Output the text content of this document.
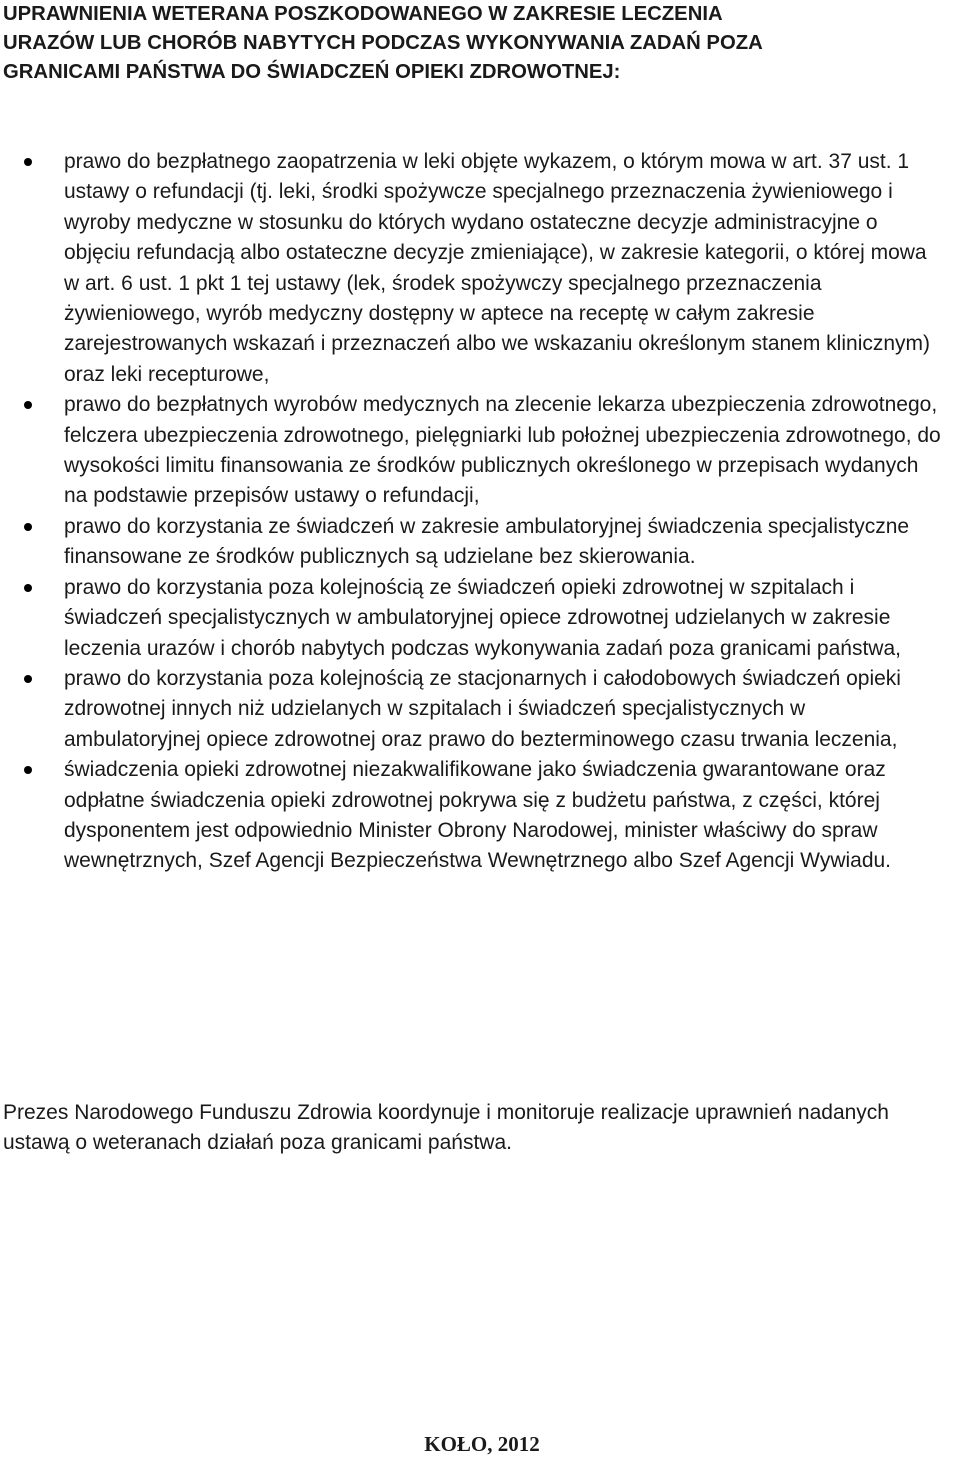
UPRAWNIENIA WETERANA POSZKODOWANEGO W ZAKRESIE LECZENIA
URAZÓW LUB CHORÓB NABYTYCH PODCZAS WYKONYWANIA ZADAŃ POZA
GRANICAMI PAŃSTWA DO ŚWIADCZEŃ OPIEKI ZDROWOTNEJ:
prawo do bezpłatnego zaopatrzenia w leki objęte wykazem, o którym mowa w art. 37 ust. 1 ustawy o refundacji (tj. leki, środki spożywcze specjalnego przeznaczenia żywieniowego i wyroby medyczne w stosunku do których wydano ostateczne decyzje administracyjne o objęciu refundacją albo ostateczne decyzje zmieniające), w zakresie kategorii, o której mowa w art. 6 ust. 1 pkt 1 tej ustawy (lek, środek spożywczy specjalnego przeznaczenia żywieniowego, wyrób medyczny dostępny w aptece na receptę w całym zakresie zarejestrowanych wskazań i przeznaczeń albo we wskazaniu określonym stanem klinicznym) oraz leki recepturowe,
prawo do bezpłatnych wyrobów medycznych na zlecenie lekarza ubezpieczenia zdrowotnego, felczera ubezpieczenia zdrowotnego, pielęgniarki lub położnej ubezpieczenia zdrowotnego, do wysokości limitu finansowania ze środków publicznych określonego w przepisach wydanych na podstawie przepisów ustawy o refundacji,
prawo do korzystania ze świadczeń w zakresie ambulatoryjnej świadczenia specjalistyczne finansowane ze środków publicznych są udzielane bez skierowania.
prawo do korzystania poza kolejnością ze świadczeń opieki zdrowotnej w szpitalach i świadczeń specjalistycznych w ambulatoryjnej opiece zdrowotnej udzielanych w zakresie leczenia urazów i chorób nabytych podczas wykonywania zadań poza granicami państwa,
prawo do korzystania poza kolejnością ze stacjonarnych i całodobowych świadczeń opieki zdrowotnej innych niż udzielanych w szpitalach i świadczeń specjalistycznych w ambulatoryjnej opiece zdrowotnej oraz prawo do bezterminowego czasu trwania leczenia,
świadczenia opieki zdrowotnej niezakwalifikowane jako świadczenia gwarantowane oraz odpłatne świadczenia opieki zdrowotnej pokrywa się z budżetu państwa, z części, której dysponentem jest odpowiednio Minister Obrony Narodowej, minister właściwy do spraw wewnętrznych, Szef Agencji Bezpieczeństwa Wewnętrznego albo Szef Agencji Wywiadu.

Prezes Narodowego Funduszu Zdrowia koordynuje i monitoruje realizacje uprawnień nadanych ustawą o weteranach działań poza granicami państwa.

KOŁO, 2012
